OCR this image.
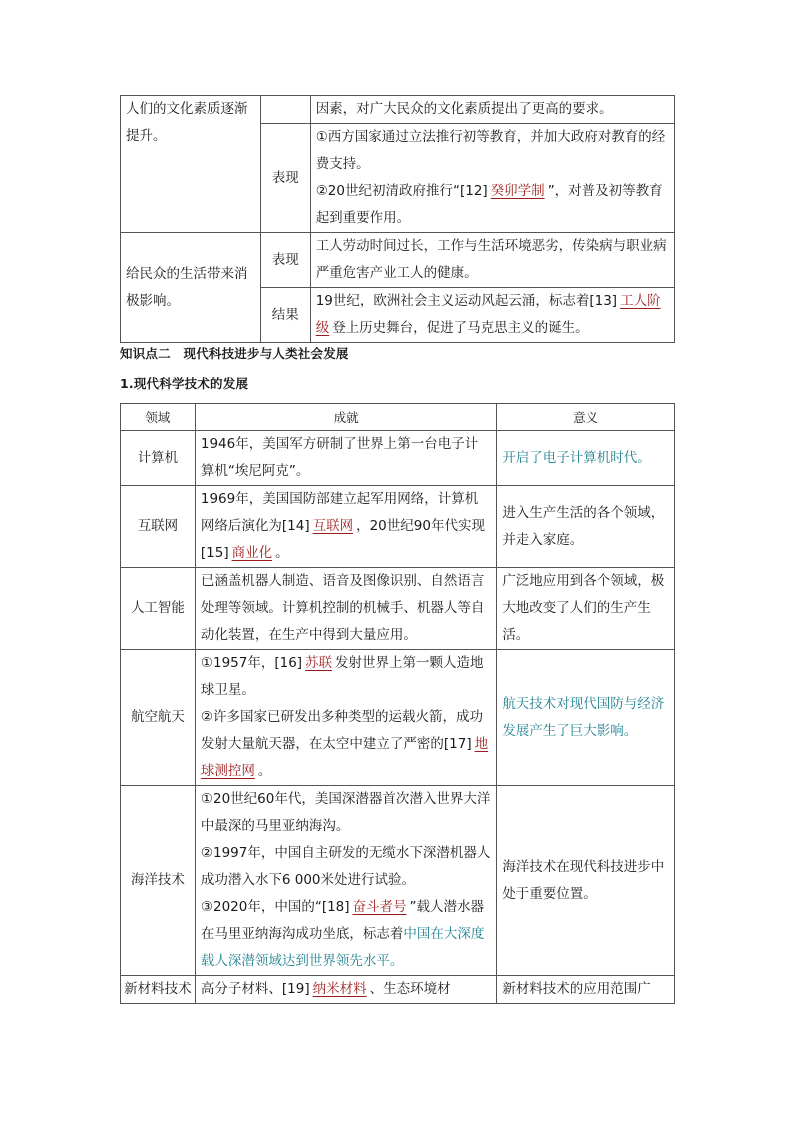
人们的文化素质逐渐提升。		因素，对广大民众的文化素质提出了更高的要求。
	表现	①西方国家通过立法推行初等教育，并加大政府对教育的经费支持。
②20世纪初清政府推行“[12] 癸卯学制 ”，对普及初等教育起到重要作用。

给民众的生活带来消极影响。	表现	工人劳动时间过长，工作与生活环境恶劣，传染病与职业病严重危害产业工人的健康。
	结果	19世纪，欧洲社会主义运动风起云涌，标志着[13] 工人阶级 登上历史舞台，促进了马克思主义的诞生。
知识点二　现代科技进步与人类社会发展
1.现代科学技术的发展
领域	成就	意义
计算机	1946年，美国军方研制了世界上第一台电子计算机“埃尼阿克”。	开启了电子计算机时代。
互联网	1969年，美国国防部建立起军用网络，计算机网络后演化为[14] 互联网 ，20世纪90年代实现[15] 商业化 。	进入生产生活的各个领域，并走入家庭。
人工智能	已涵盖机器人制造、语音及图像识别、自然语言处理等领域。计算机控制的机械手、机器人等自动化装置，在生产中得到大量应用。	广泛地应用到各个领域，极大地改变了人们的生产生活。
航空航天	①1957年，[16] 苏联 发射世界上第一颗人造地球卫星。
②许多国家已研发出多种类型的运载火箭，成功发射大量航天器，在太空中建立了严密的[17] 地球测控网 。	航天技术对现代国防与经济发展产生了巨大影响。
海洋技术	①20世纪60年代，美国深潜器首次潜入世界大洋中最深的马里亚纳海沟。
②1997年，中国自主研发的无缆水下深潜机器人成功潜入水下6 000米处进行试验。
③2020年，中国的“[18] 奋斗者号 ”载人潜水器在马里亚纳海沟成功坐底，标志着中国在大深度载人深潜领域达到世界领先水平。	海洋技术在现代科技进步中处于重要位置。
新材料技术	高分子材料、[19] 纳米材料 、生态环境材	新材料技术的应用范围广
